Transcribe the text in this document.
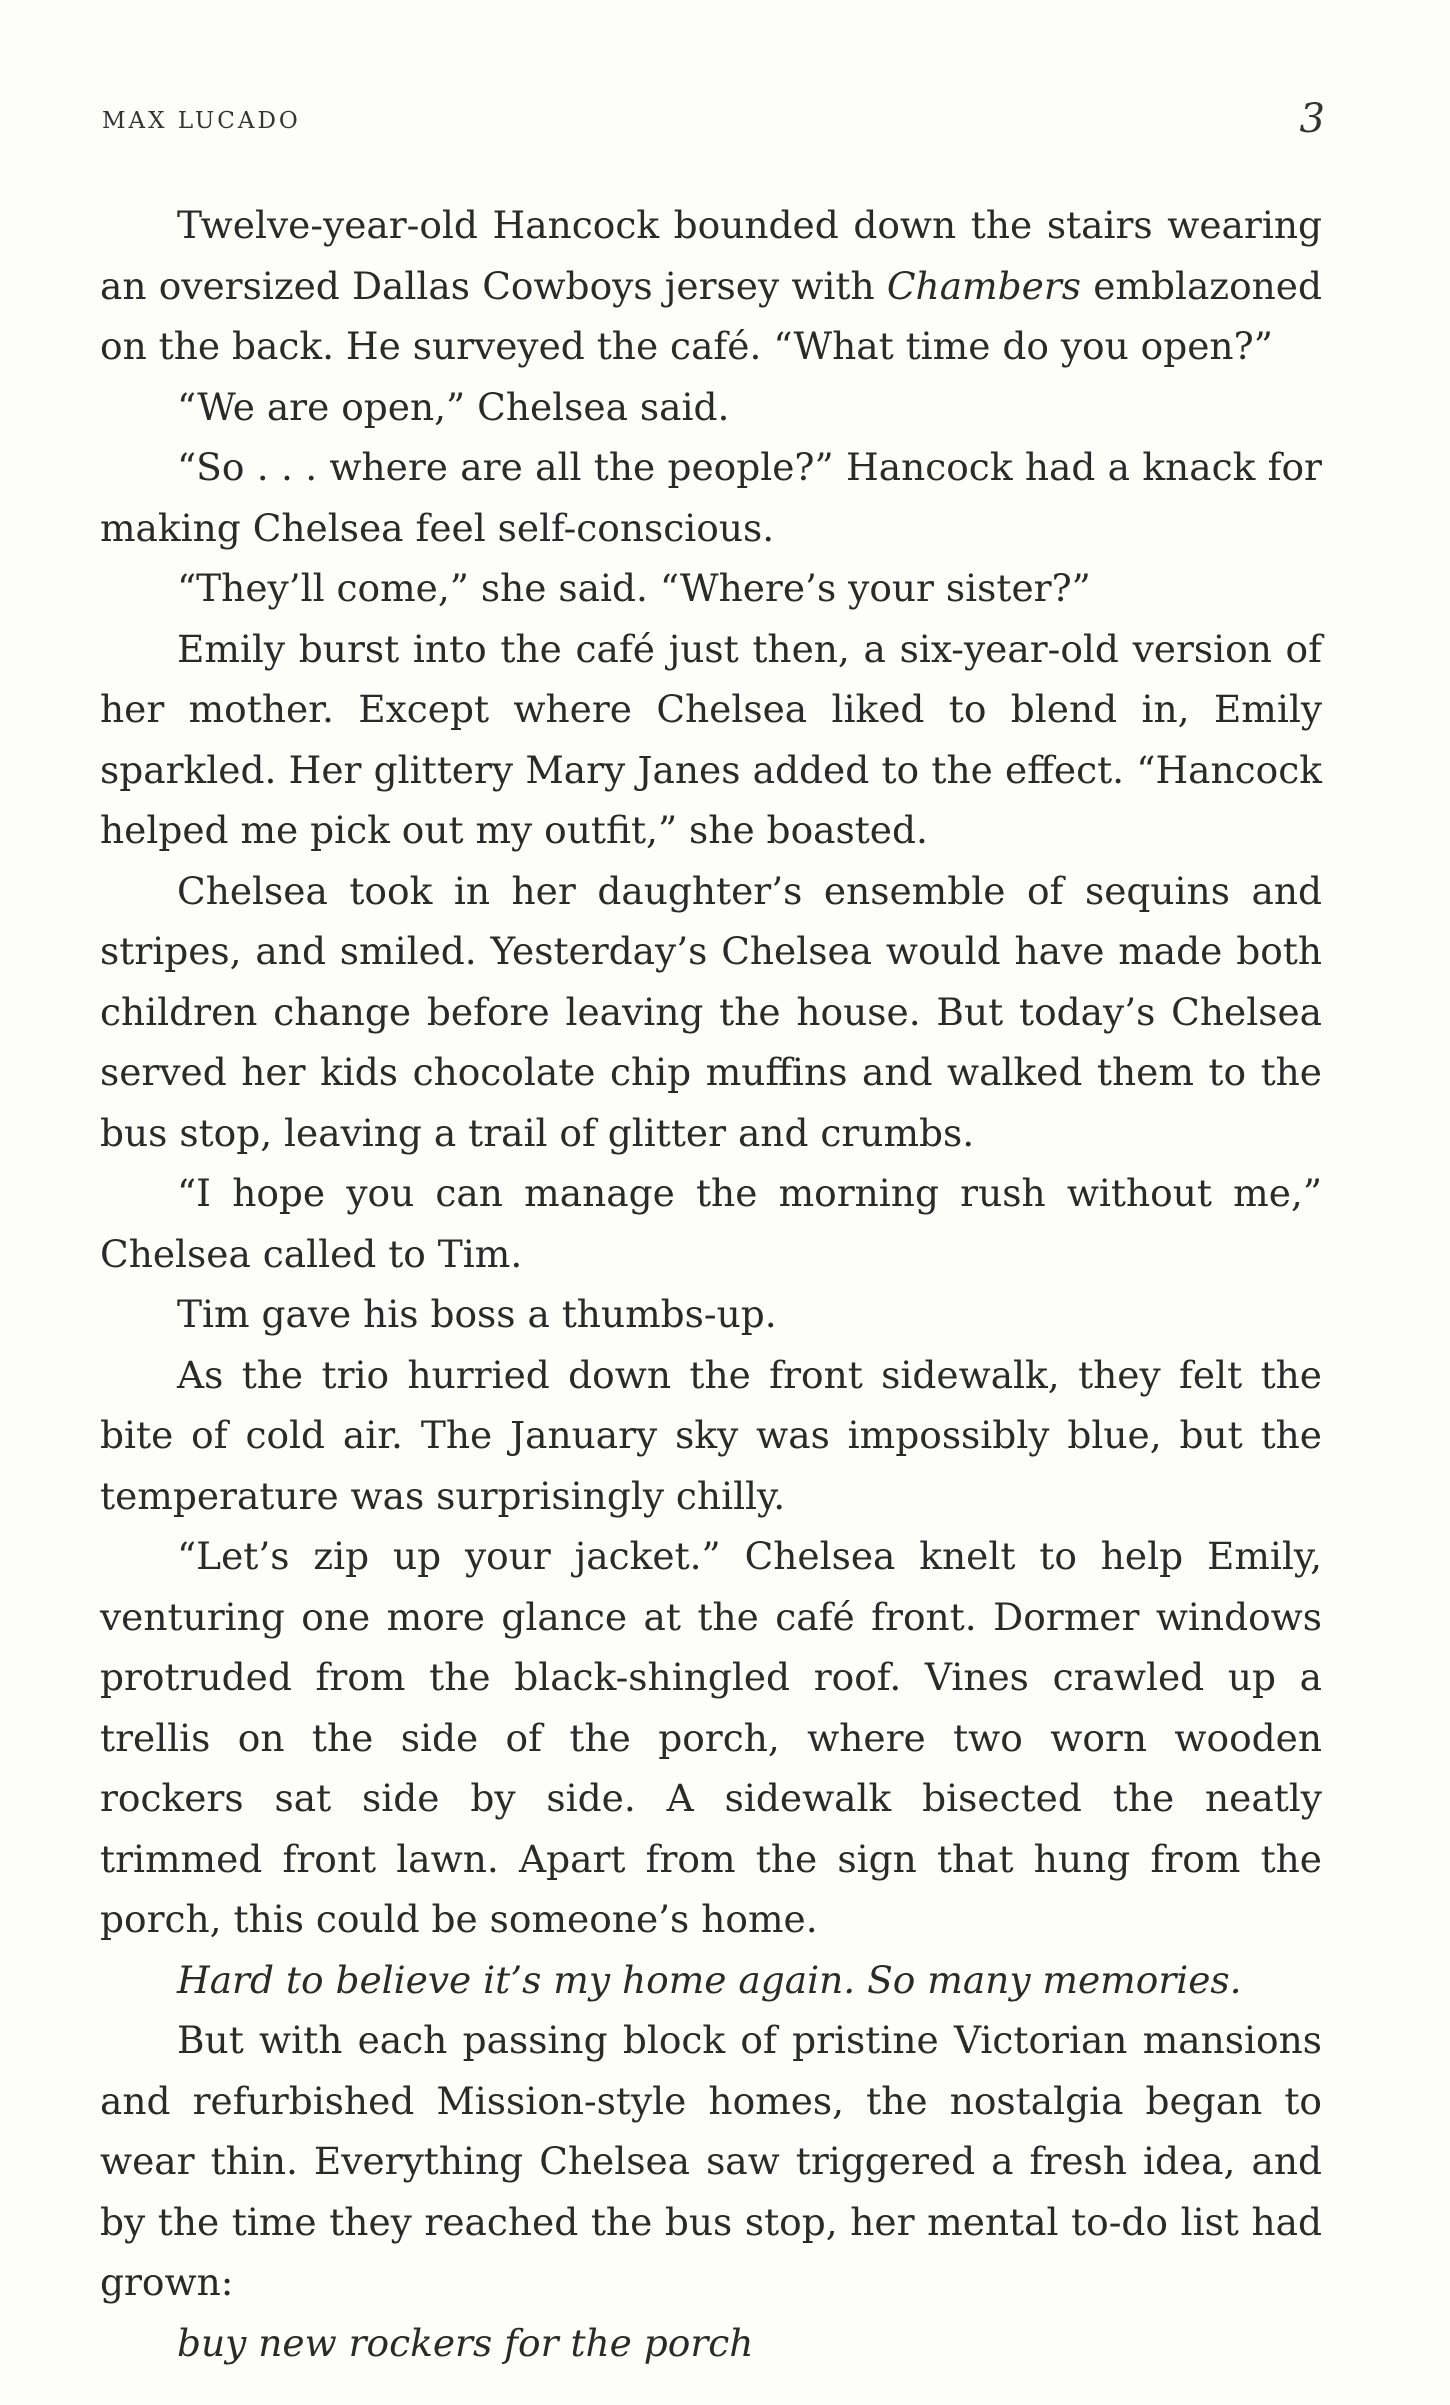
MAX LUCADO	3

Twelve-year-old Hancock bounded down the stairs wearing an oversized Dallas Cowboys jersey with Chambers emblazoned on the back. He surveyed the café. “What time do you open?”

“We are open,” Chelsea said.

“So . . . where are all the people?” Hancock had a knack for making Chelsea feel self-conscious.

“They’ll come,” she said. “Where’s your sister?”

Emily burst into the café just then, a six-year-old version of her mother. Except where Chelsea liked to blend in, Emily sparkled. Her glittery Mary Janes added to the effect. “Hancock helped me pick out my outfit,” she boasted.

Chelsea took in her daughter’s ensemble of sequins and stripes, and smiled. Yesterday’s Chelsea would have made both children change before leaving the house. But today’s Chelsea served her kids chocolate chip muffins and walked them to the bus stop, leaving a trail of glitter and crumbs.

“I hope you can manage the morning rush without me,” Chelsea called to Tim.

Tim gave his boss a thumbs-up.

As the trio hurried down the front sidewalk, they felt the bite of cold air. The January sky was impossibly blue, but the temperature was surprisingly chilly.

“Let’s zip up your jacket.” Chelsea knelt to help Emily, venturing one more glance at the café front. Dormer windows protruded from the black-shingled roof. Vines crawled up a trellis on the side of the porch, where two worn wooden rockers sat side by side. A sidewalk bisected the neatly trimmed front lawn. Apart from the sign that hung from the porch, this could be someone’s home.

Hard to believe it’s my home again. So many memories.

But with each passing block of pristine Victorian mansions and refurbished Mission-style homes, the nostalgia began to wear thin. Everything Chelsea saw triggered a fresh idea, and by the time they reached the bus stop, her mental to-do list had grown:

buy new rockers for the porch
